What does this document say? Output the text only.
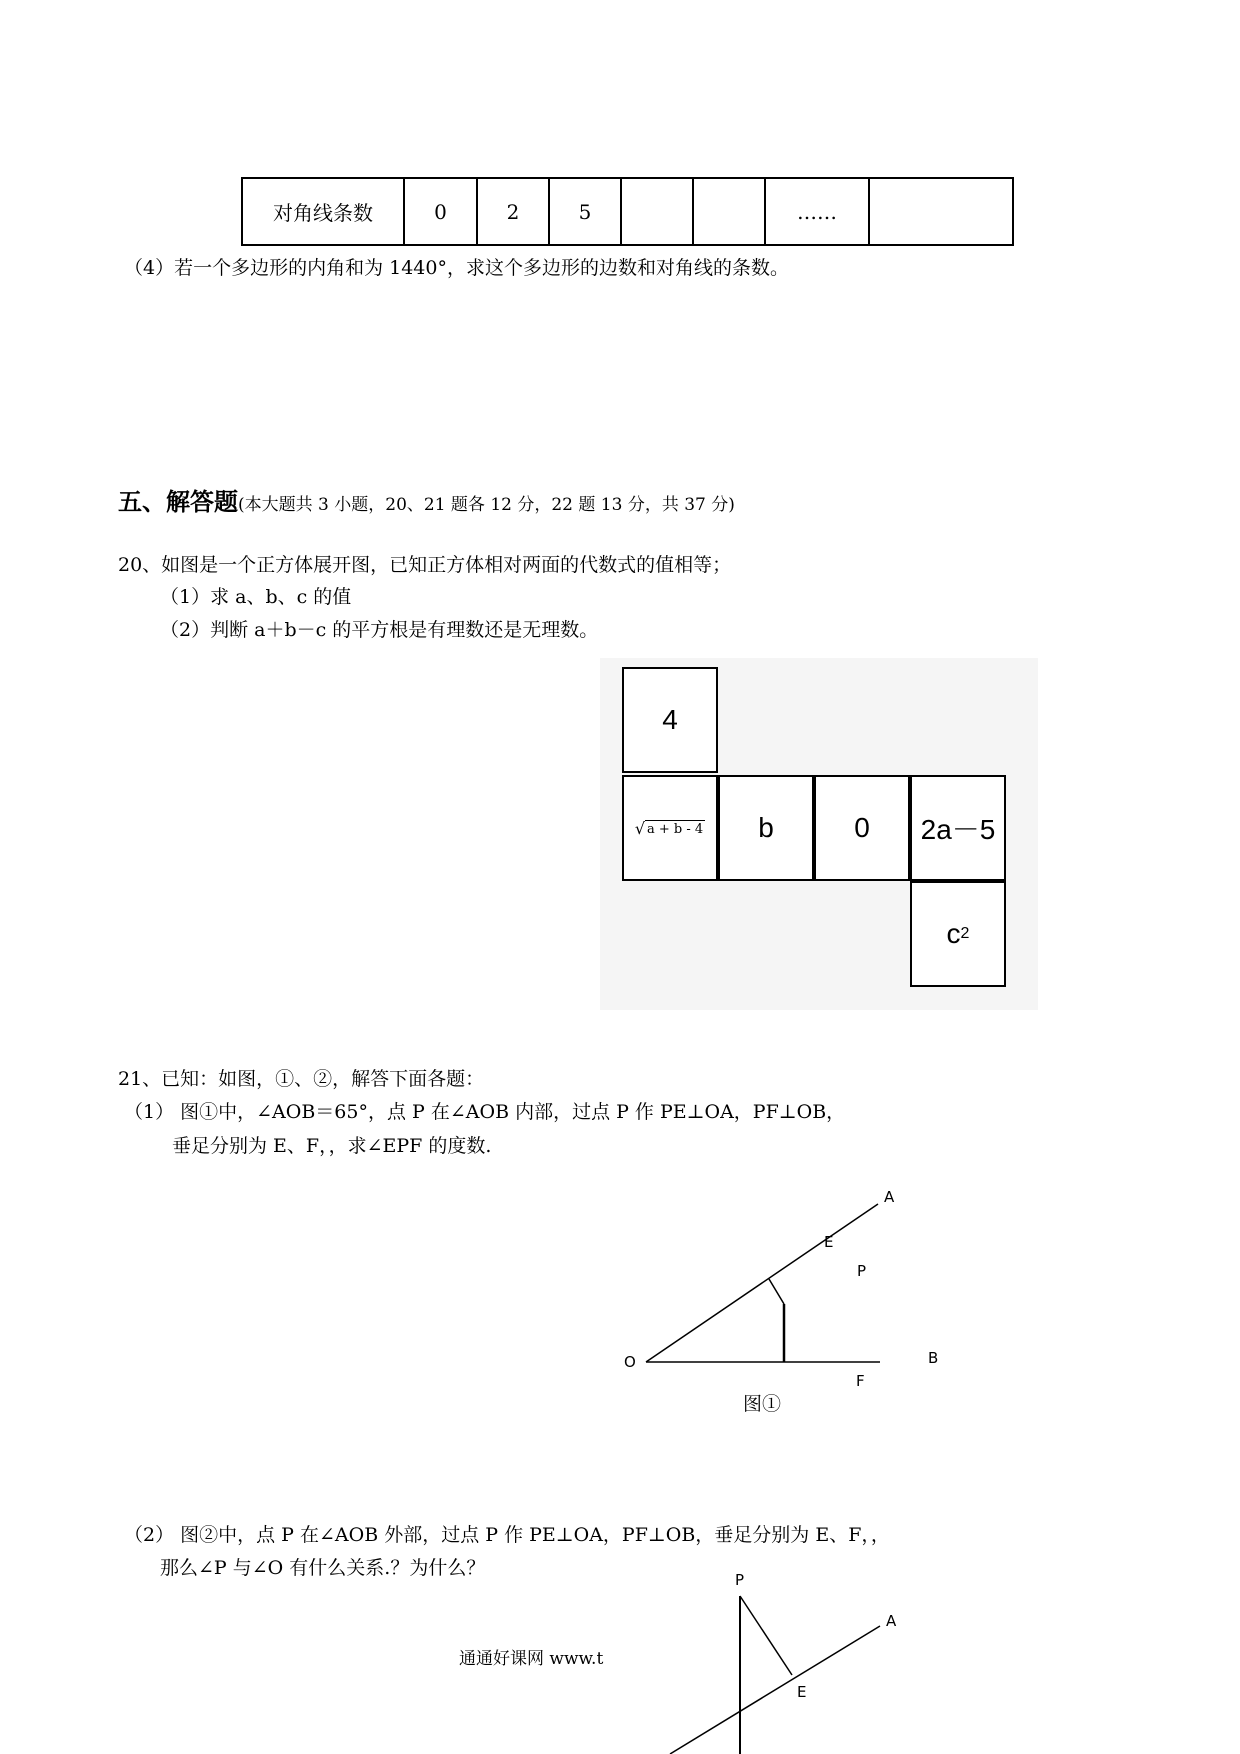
对角线条数	0	2	5			……	
（4）若一个多边形的内角和为 1440°，求这个多边形的边数和对角线的条数。
五、解答题(本大题共 3 小题，20、21 题各 12 分，22 题 13 分，共 37 分)
20、如图是一个正方体展开图，已知正方体相对两面的代数式的值相等；
（1）求 a、b、c 的值
（2）判断 a＋b－c 的平方根是有理数还是无理数。
4
√ a + b - 4	b	0	2a－5
c 2
21、已知：如图，①、②，解答下面各题：
（1） 图①中，∠AOB＝65°，点 P 在∠AOB 内部，过点 P 作 PE⊥OA，PF⊥OB，
垂足分别为 E、F，，求∠EPF 的度数.
O
A
B
E
P
F
图①
（2） 图②中，点 P 在∠AOB 外部，过点 P 作 PE⊥OA，PF⊥OB，垂足分别为 E、F，，
那么∠P 与∠O 有什么关系.？为什么？
P
A
E
通通好课网 www.t
